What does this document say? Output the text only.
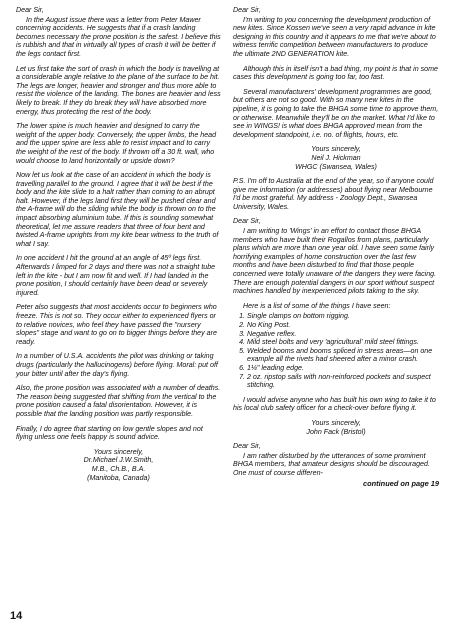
Dear Sir,

In the August issue there was a letter from Peter Mawer concerning accidents. He suggests that if a crash landing becomes necessary the prone position is the safest. I believe this is rubbish and that in virtually all types of crash it will be better if the legs contact first.

Let us first take the sort of crash in which the body is travelling at a considerable angle relative to the plane of the surface to be hit. The legs are longer, heavier and stronger and thus more able to resist the violence of the landing. The bones are heavier and less likely to break. If they do break they will have absorbed more energy, thus protecting the rest of the body.

The lower spine is much heavier and designed to carry the weight of the upper body. Conversely, the upper limbs, the head and the upper spine are less able to resist impact and to carry the weight of the rest of the body. If thrown off a 30 ft. wall, who would choose to land horizontally or upside down?

Now let us look at the case of an accident in which the body is travelling parallel to the ground. I agree that it will be best if the body and the kite slide to a halt rather than coming to an abrupt halt. However, if the legs land first they will be pushed clear and the A-frame will do the sliding while the body is thrown on to the impact absorbing aluminium tube. If this is sounding somewhat theoretical, let me assure readers that three of four bent and twisted A-frame uprights from my kite bear witness to the truth of what I say.

In one accident I hit the ground at an angle of 45º legs first. Afterwards I limped for 2 days and there was not a straight tube left in the kite - but I am now fit and well. If I had landed in the prone position, I should certainly have been dead or severely injured.

Peter also suggests that most accidents occur to beginners who freeze. This is not so. They occur either to experienced flyers or to relative novices, who feel they have passed the "nursery slopes" stage and want to go on to bigger things before they are ready.

In a number of U.S.A. accidents the pilot was drinking or taking drugs (particularly the hallucinogens) before flying. Moral: put off your bitter until after the day's flying.

Also, the prone position was associated with a number of deaths. The reason being suggested that shifting from the vertical to the prone position caused a fatal disorientation. However, it is possible that the landing position was partly responsible.

Finally, I do agree that starting on low gentle slopes and not flying unless one feels happy is sound advice.

Yours sincerely,

Dr.Michael J.W.Smith,

M.B., Ch.B., B.A.

(Manitoba, Canada)

Dear Sir,

I'm writing to you concerning the development production of new kites. Since Kossen we've seen a very rapid advance in kite designing in this country and it appears to me that we're about to witness terrific competition between manufacturers to produce the ultimate 2ND GENERATION kite.

Although this in itself isn't a bad thing, my point is that in some cases this development is going too far, too fast.

Several manufacturers' development programmes are good, but others are not so good. With so many new kites in the pipeline, it is going to take the BHGA some time to approve them, or otherwise. Meanwhile they'll be on the market. What I'd like to see in WINGS! is what does BHGA approved mean from the development standpoint, i.e. no. of flights, hours, etc.

Yours sincerely,

Neil J. Hickman

WHGC (Swansea, Wales)

P.S. I'm off to Australia at the end of the year, so if anyone could give me information (or addresses) about flying near Melbourne I'd be most grateful. My address - Zoology Dept., Swansea University, Wales.

Dear Sir,

I am writing to 'Wings' in an effort to contact those BHGA members who have built their Rogallos from plans, particularly plans which are more than one year old. I have seen some fairly horrifying examples of home construction over the last few months and have been disturbed to find that those people concerned were totally unaware of the dangers they were facing. There are enough potential dangers in our sport without suspect machines handled by inexperienced pilots taking to the sky.

Here is a list of some of the things I have seen:

1. Single clamps on bottom rigging.
2. No King Post.
3. Negative reflex.
4. Mild steel bolts and very 'agricultural' mild steel fittings.
5. Welded booms and booms spliced in stress areas—on one example all the rivets had sheered after a minor crash.
6. 1¼" leading edge.
7. 2 oz. ripstop sails with non-reinforced pockets and suspect stitching.

I would advise anyone who has built his own wing to take it to his local club safety officer for a check-over before flying it.

Yours sincerely,

John Fack (Bristol)

Dear Sir,

I am rather disturbed by the utterances of some prominent BHGA members, that amateur designs should be discouraged. One must of course differen-

continued on page 19

14
